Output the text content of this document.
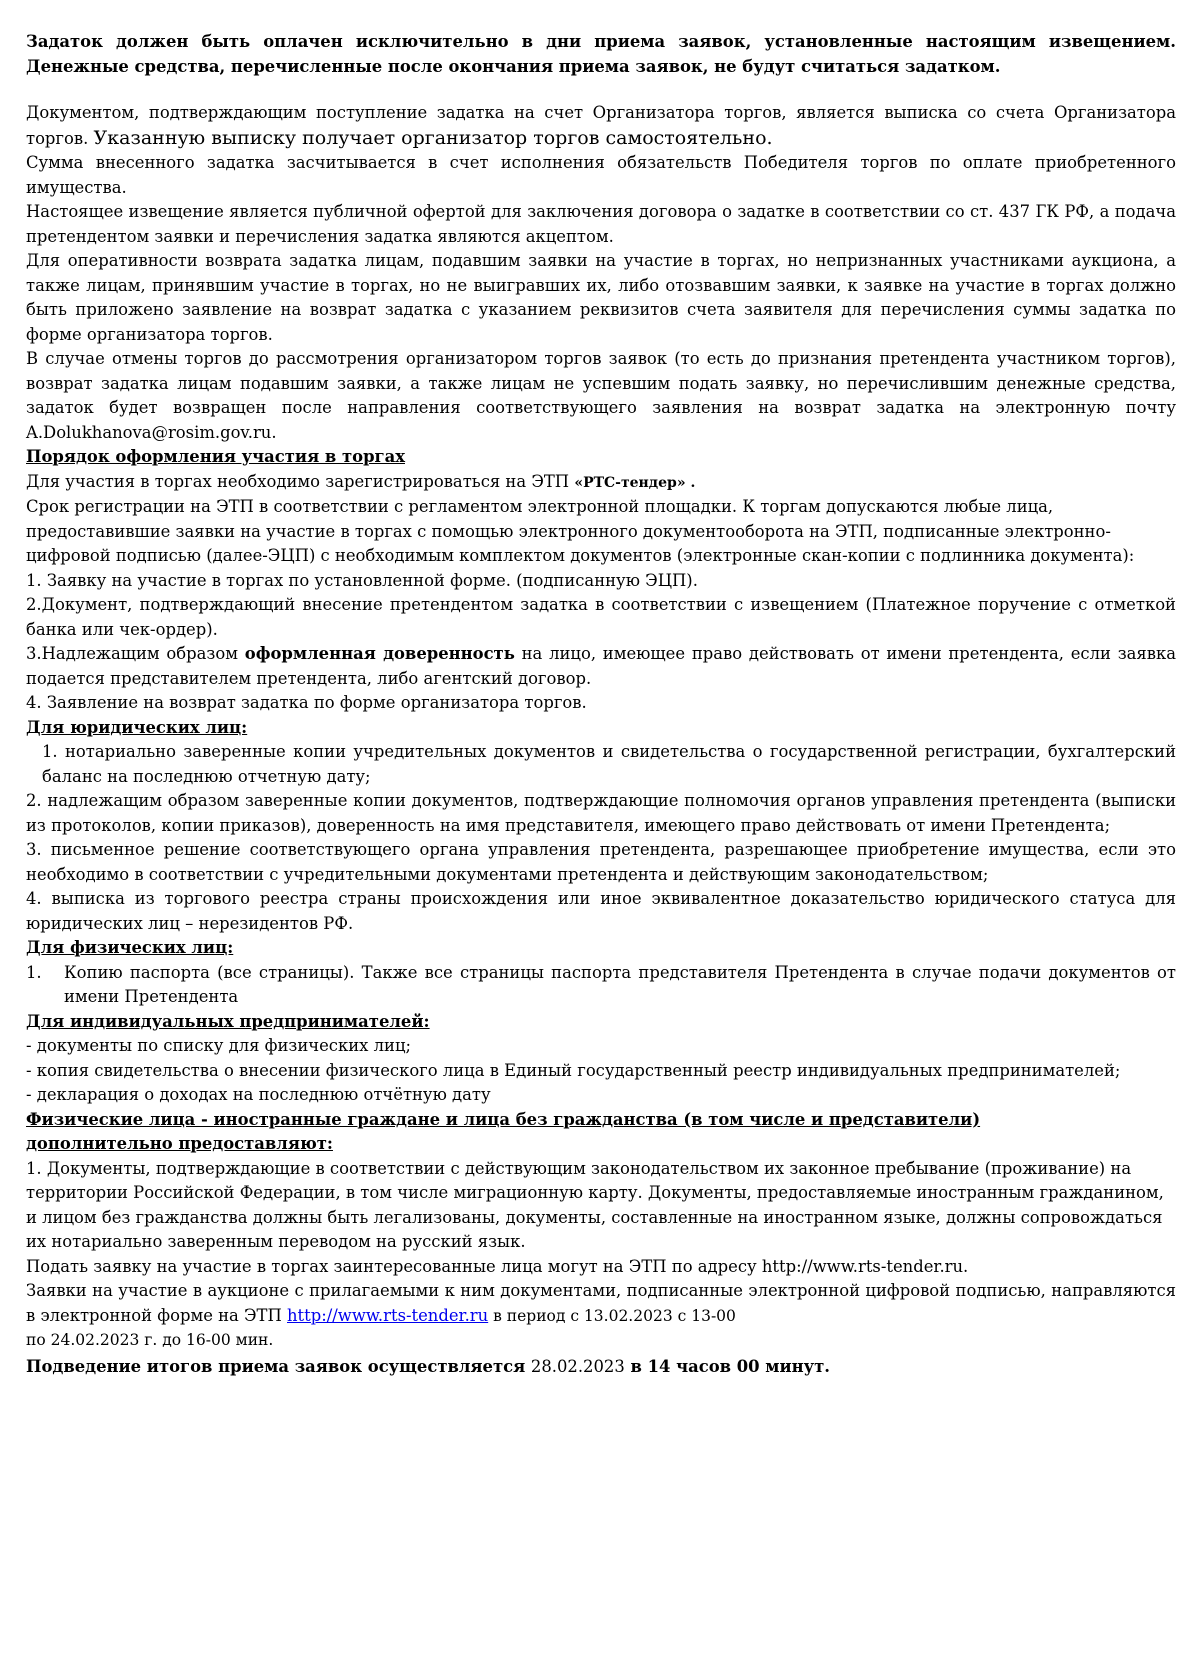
Задаток должен быть оплачен исключительно в дни приема заявок, установленные настоящим извещением. Денежные средства, перечисленные после окончания приема заявок, не будут считаться задатком.

Документом, подтверждающим поступление задатка на счет Организатора торгов, является выписка со счета Организатора торгов. Указанную выписку получает организатор торгов самостоятельно.

Сумма внесенного задатка засчитывается в счет исполнения обязательств Победителя торгов по оплате приобретенного имущества.

Настоящее извещение является публичной офертой для заключения договора о задатке в соответствии со ст. 437 ГК РФ, а подача претендентом заявки и перечисления задатка являются акцептом.

Для оперативности возврата задатка лицам, подавшим заявки на участие в торгах, но непризнанных участниками аукциона, а также лицам, принявшим участие в торгах, но не выигравших их, либо отозвавшим заявки, к заявке на участие в торгах должно быть приложено заявление на возврат задатка с указанием реквизитов счета заявителя для перечисления суммы задатка по форме организатора торгов.

В случае отмены торгов до рассмотрения организатором торгов заявок (то есть до признания претендента участником торгов), возврат задатка лицам подавшим заявки, а также лицам не успевшим подать заявку, но перечислившим денежные средства, задаток будет возвращен после направления соответствующего заявления на возврат задатка на электронную почту A.Dolukhanova@rosim.gov.ru.

Порядок оформления участия в торгах

Для участия в торгах необходимо зарегистрироваться на ЭТП «РТС-тендер» .

Срок регистрации на ЭТП в соответствии с регламентом электронной площадки. К торгам допускаются любые лица, предоставившие заявки на участие в торгах с помощью электронного документооборота на ЭТП, подписанные электронно-цифровой подписью (далее-ЭЦП) с необходимым комплектом документов (электронные скан-копии с подлинника документа):

1. Заявку на участие в торгах по установленной форме. (подписанную ЭЦП).

2.Документ, подтверждающий внесение претендентом задатка в соответствии с извещением (Платежное поручение с отметкой банка или чек-ордер).

3.Надлежащим образом оформленная доверенность на лицо, имеющее право действовать от имени претендента, если заявка подается представителем претендента, либо агентский договор.

4. Заявление на возврат задатка по форме организатора торгов.

Для юридических лиц:

1. нотариально заверенные копии учредительных документов и свидетельства о государственной регистрации, бухгалтерский баланс на последнюю отчетную дату;

2. надлежащим образом заверенные копии документов, подтверждающие полномочия органов управления претендента (выписки из протоколов, копии приказов), доверенность на имя представителя, имеющего право действовать от имени Претендента;

3. письменное решение соответствующего органа управления претендента, разрешающее приобретение имущества, если это необходимо в соответствии с учредительными документами претендента и действующим законодательством;

4. выписка из торгового реестра страны происхождения или иное эквивалентное доказательство юридического статуса для юридических лиц – нерезидентов РФ.

Для физических лиц:

1. Копию паспорта (все страницы). Также все страницы паспорта представителя Претендента в случае подачи документов от имени Претендента

Для индивидуальных предпринимателей:

- документы по списку для физических лиц;

- копия свидетельства о внесении физического лица в Единый государственный реестр индивидуальных предпринимателей;

- декларация о доходах на последнюю отчётную дату

Физические лица - иностранные граждане и лица без гражданства (в том числе и представители) дополнительно предоставляют:

1. Документы, подтверждающие в соответствии с действующим законодательством их законное пребывание (проживание) на территории Российской Федерации, в том числе миграционную карту. Документы, предоставляемые иностранным гражданином, и лицом без гражданства должны быть легализованы, документы, составленные на иностранном языке, должны сопровождаться их нотариально заверенным переводом на русский язык.

Подать заявку на участие в торгах заинтересованные лица могут на ЭТП по адресу http://www.rts-tender.ru.

Заявки на участие в аукционе с прилагаемыми к ним документами, подписанные электронной цифровой подписью, направляются в электронной форме на ЭТП http://www.rts-tender.ru в период с 13.02.2023 с 13-00

по 24.02.2023 г. до 16-00 мин.

Подведение итогов приема заявок осуществляется 28.02.2023 в 14 часов 00 минут.
